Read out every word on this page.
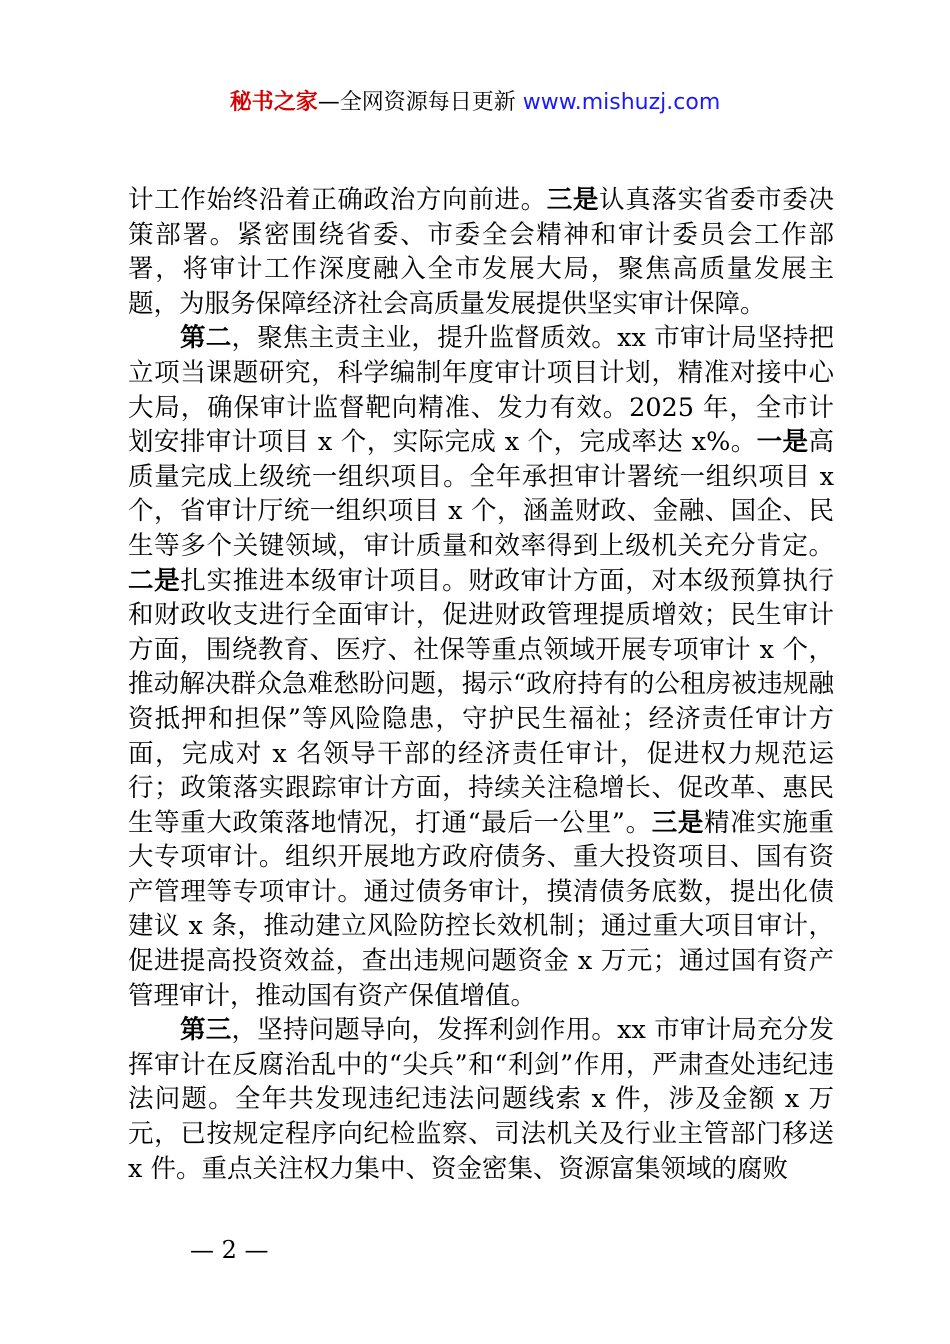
秘书之家—全网资源每日更新 www.mishuzj.com

计工作始终沿着正确政治方向前进。三是认真落实省委市委决策部署。紧密围绕省委、市委全会精神和审计委员会工作部署，将审计工作深度融入全市发展大局，聚焦高质量发展主题，为服务保障经济社会高质量发展提供坚实审计保障。

第二，聚焦主责主业，提升监督质效。xx 市审计局坚持把立项当课题研究，科学编制年度审计项目计划，精准对接中心大局，确保审计监督靶向精准、发力有效。2025 年，全市计划安排审计项目 x 个，实际完成 x 个，完成率达 x%。一是高质量完成上级统一组织项目。全年承担审计署统一组织项目 x 个，省审计厅统一组织项目 x 个，涵盖财政、金融、国企、民生等多个关键领域，审计质量和效率得到上级机关充分肯定。二是扎实推进本级审计项目。财政审计方面，对本级预算执行和财政收支进行全面审计，促进财政管理提质增效；民生审计方面，围绕教育、医疗、社保等重点领域开展专项审计 x 个，推动解决群众急难愁盼问题，揭示“政府持有的公租房被违规融资抵押和担保”等风险隐患，守护民生福祉；经济责任审计方面，完成对 x 名领导干部的经济责任审计，促进权力规范运行；政策落实跟踪审计方面，持续关注稳增长、促改革、惠民生等重大政策落地情况，打通“最后一公里”。三是精准实施重大专项审计。组织开展地方政府债务、重大投资项目、国有资产管理等专项审计。通过债务审计，摸清债务底数，提出化债建议 x 条，推动建立风险防控长效机制；通过重大项目审计，促进提高投资效益，查出违规问题资金 x 万元；通过国有资产管理审计，推动国有资产保值增值。

第三，坚持问题导向，发挥利剑作用。xx 市审计局充分发挥审计在反腐治乱中的“尖兵”和“利剑”作用，严肃查处违纪违法问题。全年共发现违纪违法问题线索 x 件，涉及金额 x 万元，已按规定程序向纪检监察、司法机关及行业主管部门移送 x 件。重点关注权力集中、资金密集、资源富集领域的腐败

— 2 —
